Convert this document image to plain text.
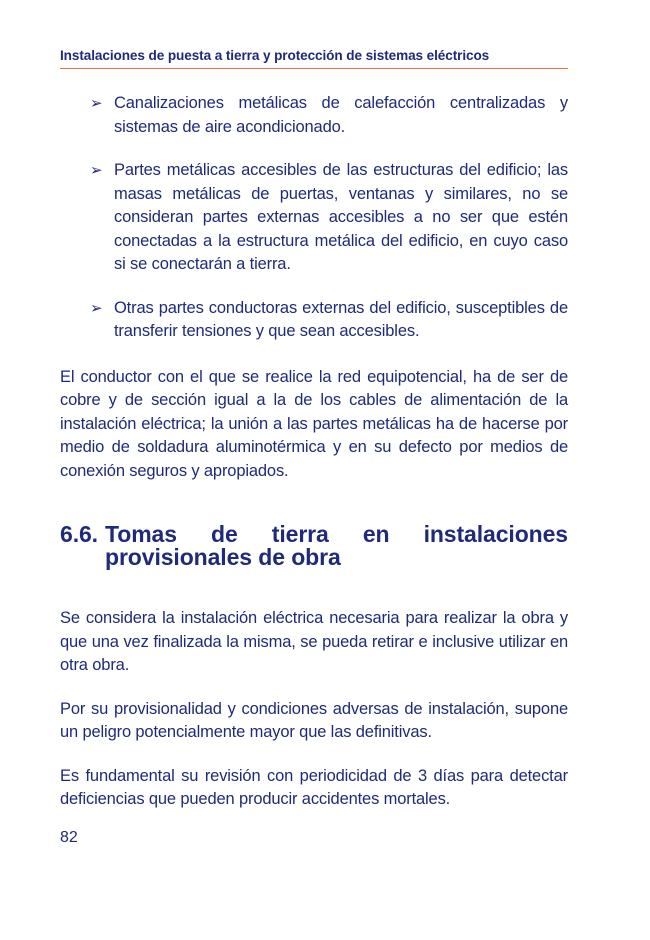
Instalaciones de puesta a tierra y protección de sistemas eléctricos
➢ Canalizaciones metálicas de calefacción centralizadas y sistemas de aire acondicionado.
➢ Partes metálicas accesibles de las estructuras del edificio; las masas metálicas de puertas, ventanas y similares, no se consideran partes externas accesibles a no ser que estén conectadas a la estructura metálica del edificio, en cuyo caso si se conectarán a tierra.
➢ Otras partes conductoras externas del edificio, susceptibles de transferir tensiones y que sean accesibles.

El conductor con el que se realice la red equipotencial, ha de ser de cobre y de sección igual a la de los cables de alimentación de la instalación eléctrica; la unión a las partes metálicas ha de hacerse por medio de soldadura aluminotérmica y en su defecto por medios de conexión seguros y apropiados.

6.6. Tomas de tierra en instalaciones provisionales de obra

Se considera la instalación eléctrica necesaria para realizar la obra y que una vez finalizada la misma, se pueda retirar e inclusive utilizar en otra obra.

Por su provisionalidad y condiciones adversas de instalación, supone un peligro potencialmente mayor que las definitivas.

Es fundamental su revisión con periodicidad de 3 días para detectar deficiencias que pueden producir accidentes mortales.

82
